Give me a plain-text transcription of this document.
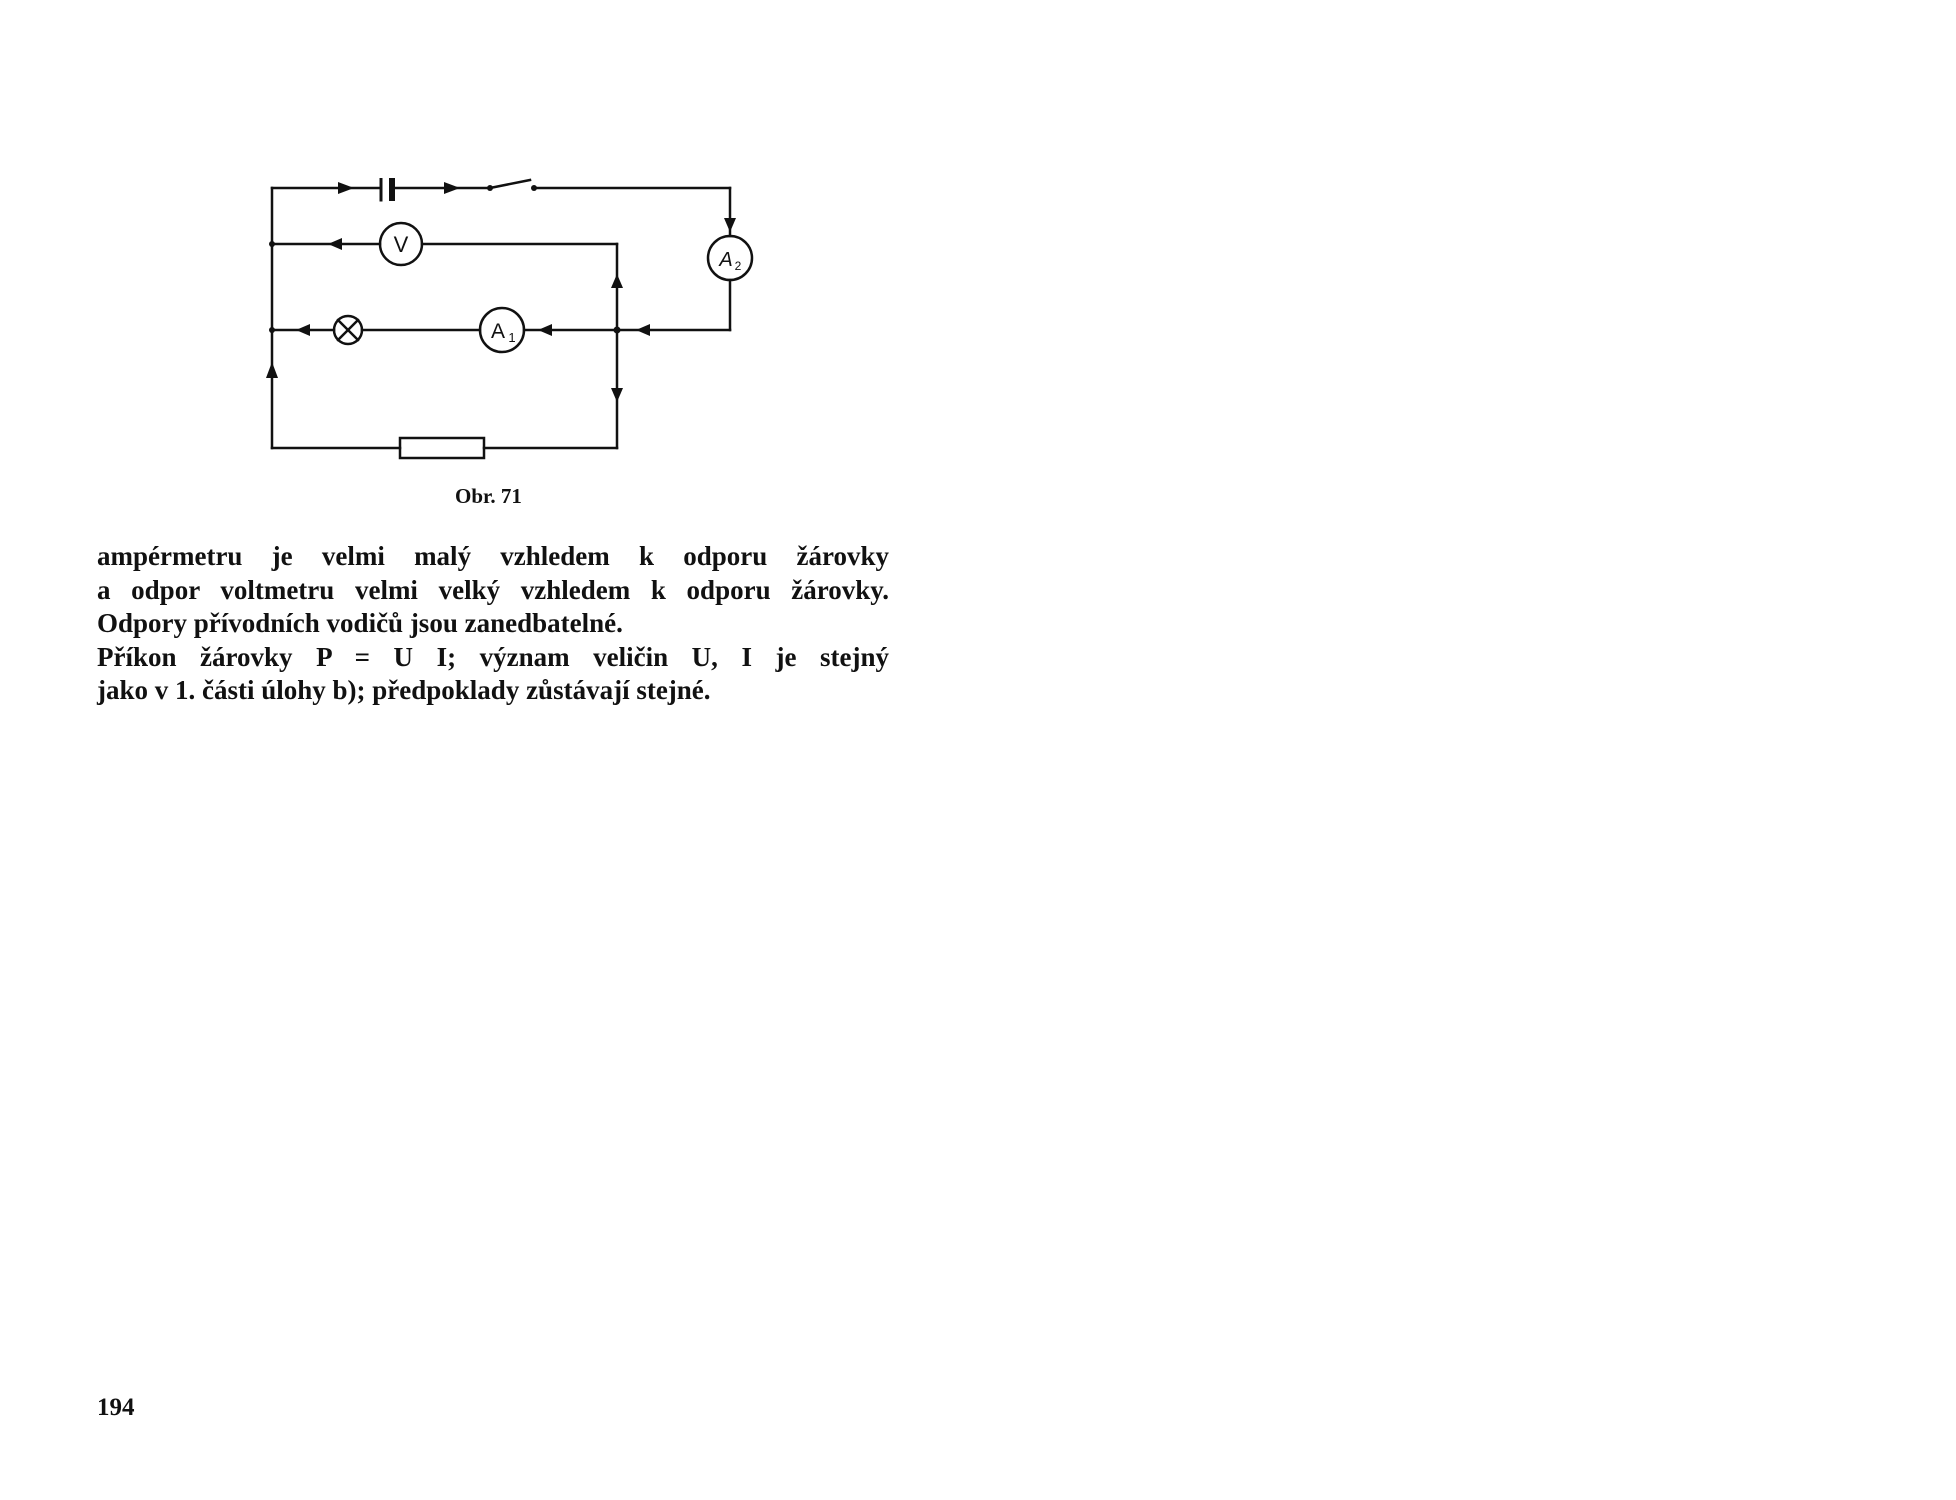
V
A 1
A 2
Obr. 71

ampérmetru je velmi malý vzhledem k odporu žárovky

a odpor voltmetru velmi velký vzhledem k odporu žárovky.

Odpory přívodních vodičů jsou zanedbatelné.

Příkon žárovky P = U I; význam veličin U, I je stejný

jako v 1. části úlohy b); předpoklady zůstávají stejné.

194
